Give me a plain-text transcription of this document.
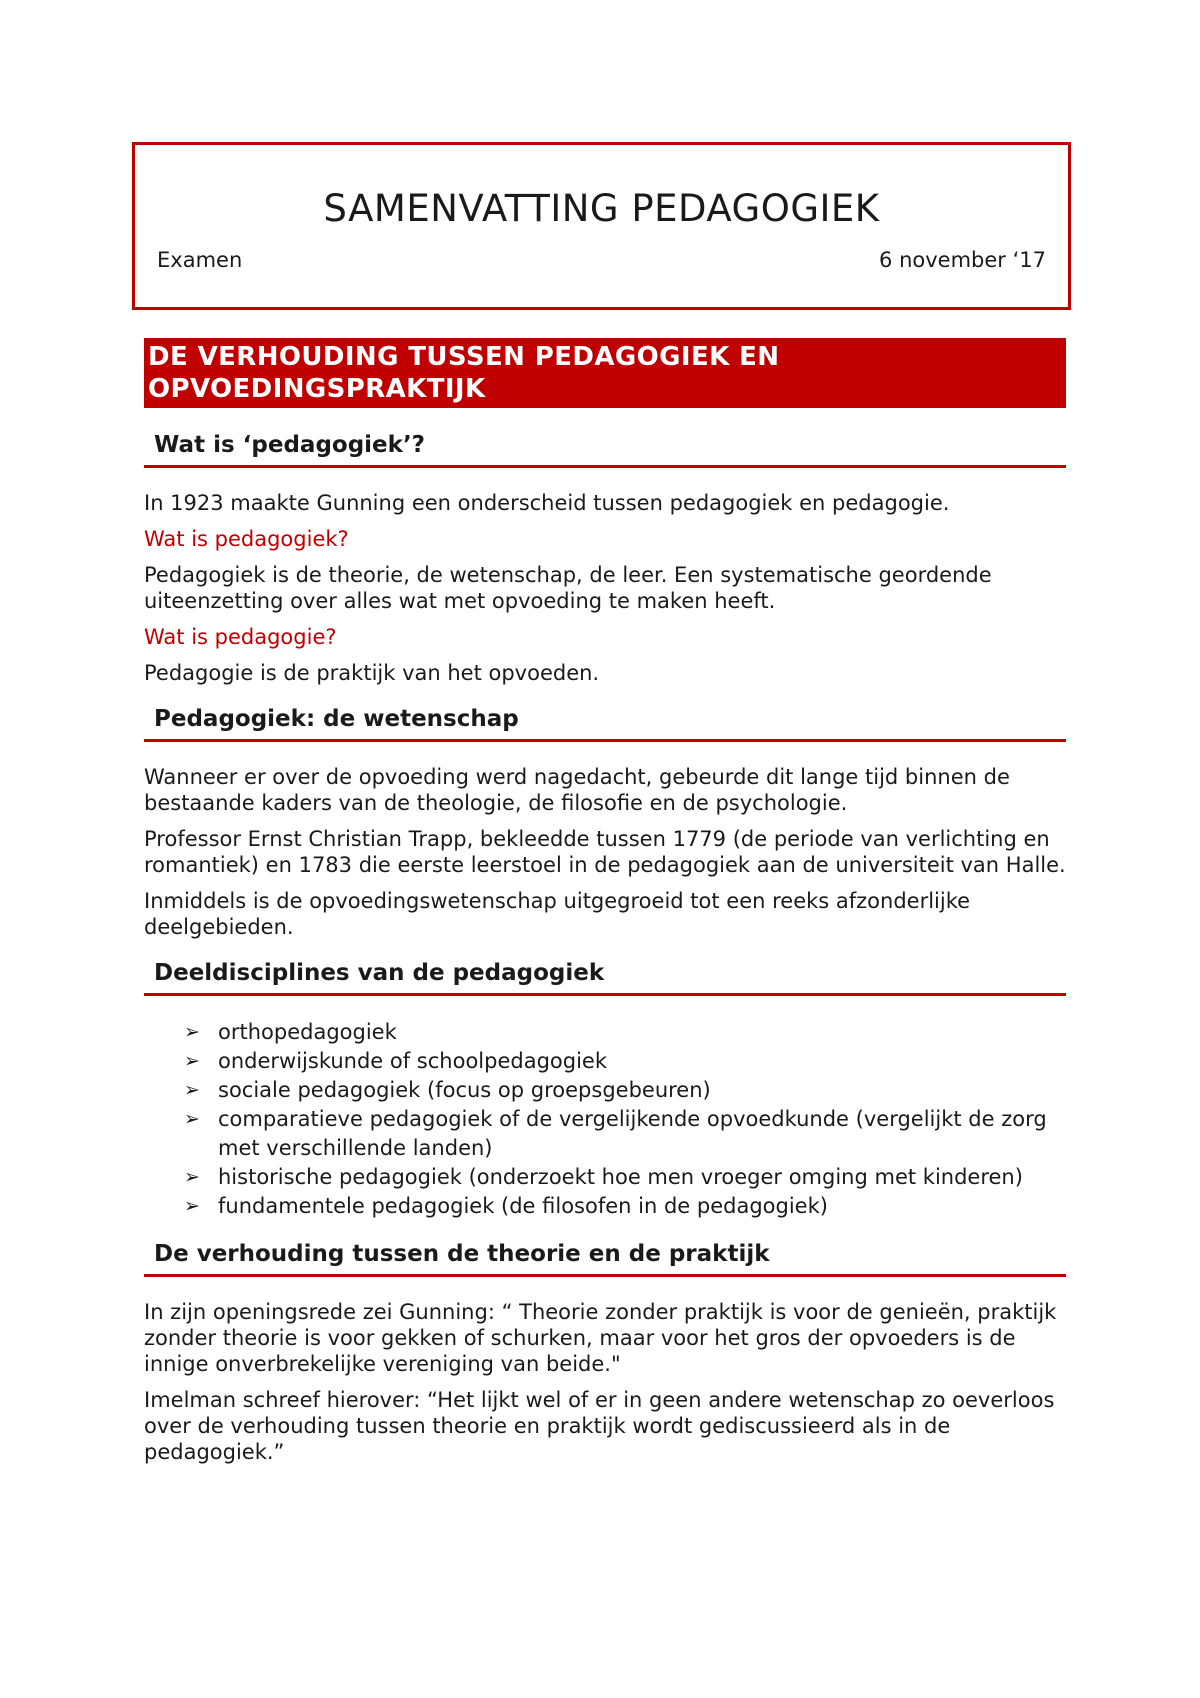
SAMENVATTING PEDAGOGIEK
Examen	6 november ‘17
DE VERHOUDING TUSSEN PEDAGOGIEK EN OPVOEDINGSPRAKTIJK
Wat is ‘pedagogiek’?

In 1923 maakte Gunning een onderscheid tussen pedagogiek en pedagogie.

Wat is pedagogiek?

Pedagogiek is de theorie, de wetenschap, de leer. Een systematische geordende uiteenzetting over alles wat met opvoeding te maken heeft.

Wat is pedagogie?

Pedagogie is de praktijk van het opvoeden.

Pedagogiek: de wetenschap

Wanneer er over de opvoeding werd nagedacht, gebeurde dit lange tijd binnen de bestaande kaders van de theologie, de filosofie en de psychologie.

Professor Ernst Christian Trapp, bekleedde tussen 1779 (de periode van verlichting en romantiek) en 1783 die eerste leerstoel in de pedagogiek aan de universiteit van Halle.

Inmiddels is de opvoedingswetenschap uitgegroeid tot een reeks afzonderlijke deelgebieden.

Deeldisciplines van de pedagogiek
➢ orthopedagogiek
➢ onderwijskunde of schoolpedagogiek
➢ sociale pedagogiek (focus op groepsgebeuren)
➢ comparatieve pedagogiek of de vergelijkende opvoedkunde (vergelijkt de zorg met verschillende landen)
➢ historische pedagogiek (onderzoekt hoe men vroeger omging met kinderen)
➢ fundamentele pedagogiek (de filosofen in de pedagogiek)
De verhouding tussen de theorie en de praktijk

In zijn openingsrede zei Gunning: “ Theorie zonder praktijk is voor de genieën, praktijk zonder theorie is voor gekken of schurken, maar voor het gros der opvoeders is de innige onverbrekelijke vereniging van beide."

Imelman schreef hierover: “Het lijkt wel of er in geen andere wetenschap zo oeverloos over de verhouding tussen theorie en praktijk wordt gediscussieerd als in de pedagogiek.”
